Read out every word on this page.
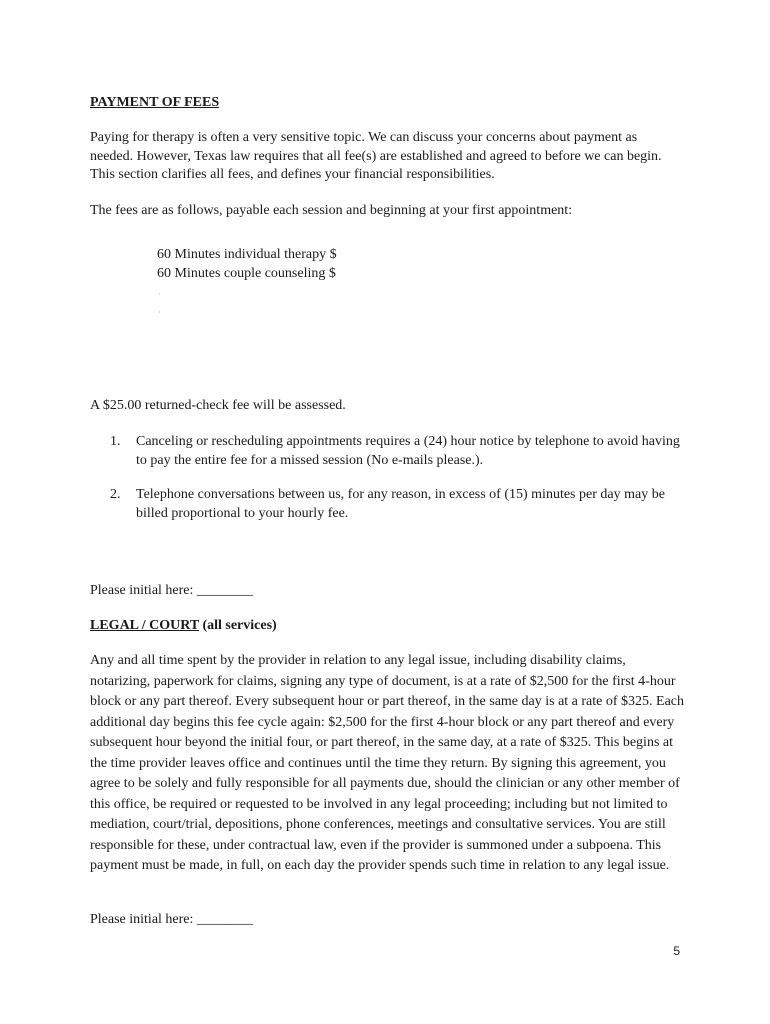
PAYMENT OF FEES
Paying for therapy is often a very sensitive topic. We can discuss your concerns about payment as needed. However, Texas law requires that all fee(s) are established and agreed to before we can begin. This section clarifies all fees, and defines your financial responsibilities.
The fees are as follows, payable each session and beginning at your first appointment:
60 Minutes individual therapy $
60 Minutes couple counseling $
·
·
A $25.00 returned-check fee will be assessed.
1.	Canceling or rescheduling appointments requires a (24) hour notice by telephone to avoid having to pay the entire fee for a missed session (No e-mails please.).
2.	Telephone conversations between us, for any reason, in excess of (15) minutes per day may be billed proportional to your hourly fee.
Please initial here: ________
LEGAL / COURT (all services)
Any and all time spent by the provider in relation to any legal issue, including disability claims, notarizing, paperwork for claims, signing any type of document, is at a rate of $2,500 for the first 4-hour block or any part thereof. Every subsequent hour or part thereof, in the same day is at a rate of $325. Each additional day begins this fee cycle again: $2,500 for the first 4-hour block or any part thereof and every subsequent hour beyond the initial four, or part thereof, in the same day, at a rate of $325. This begins at the time provider leaves office and continues until the time they return. By signing this agreement, you agree to be solely and fully responsible for all payments due, should the clinician or any other member of this office, be required or requested to be involved in any legal proceeding; including but not limited to mediation, court/trial, depositions, phone conferences, meetings and consultative services. You are still responsible for these, under contractual law, even if the provider is summoned under a subpoena. This payment must be made, in full, on each day the provider spends such time in relation to any legal issue.
Please initial here: ________
5
